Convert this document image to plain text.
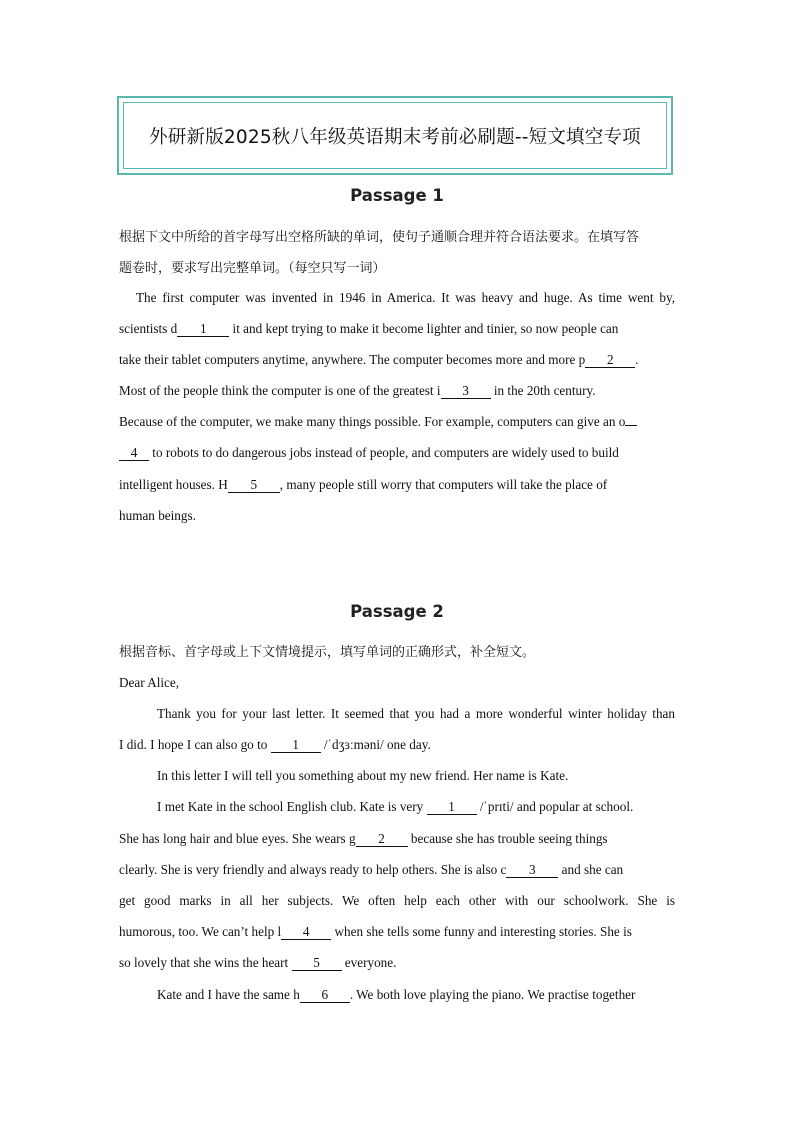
外研新版2025秋八年级英语期末考前必刷题--短文填空专项
Passage 1
根据下文中所给的首字母写出空格所缺的单词，使句子通顺合理并符合语法要求。在填写答
题卷时，要求写出完整单词。（每空只写一词）
The first computer was invented in 1946 in America. It was heavy and huge. As time went by,
scientists d 1 it and kept trying to make it become lighter and tinier, so now people can
take their tablet computers anytime, anywhere. The computer becomes more and more p 2 .
Most of the people think the computer is one of the greatest i 3 in the 20th century.
Because of the computer, we make many things possible. For example, computers can give an o
4 to robots to do dangerous jobs instead of people, and computers are widely used to build
intelligent houses. H 5 , many people still worry that computers will take the place of
human beings.
Passage 2
根据音标、首字母或上下文情境提示，填写单词的正确形式，补全短文。
Dear Alice,
Thank you for your last letter. It seemed that you had a more wonderful winter holiday than
I did. I hope I can also go to 1 /ˈdʒɜːməni/ one day.
In this letter I will tell you something about my new friend. Her name is Kate.
I met Kate in the school English club. Kate is very 1 /ˈprɪti/ and popular at school.
She has long hair and blue eyes. She wears g 2 because she has trouble seeing things
clearly. She is very friendly and always ready to help others. She is also c 3 and she can
get good marks in all her subjects. We often help each other with our schoolwork. She is
humorous, too. We can’t help l 4 when she tells some funny and interesting stories. She is
so lovely that she wins the heart 5 everyone.
Kate and I have the same h 6 . We both love playing the piano. We practise together
